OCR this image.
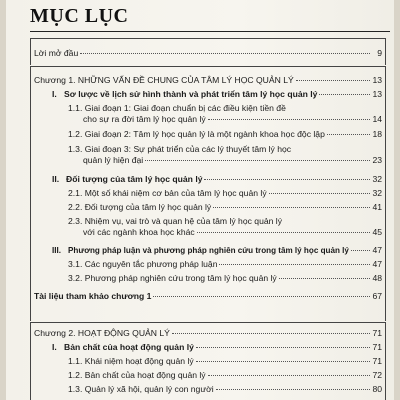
MỤC LỤC
Lời mở đầu	9
Chương 1. NHỮNG VẤN ĐỀ CHUNG CỦA TÂM LÝ HỌC QUẢN LÝ	13
I. Sơ lược về lịch sử hình thành và phát triển tâm lý học quản lý	13
1.1. Giai đoạn 1: Giai đoạn chuẩn bị các điều kiện tiền đề
cho sự ra đời tâm lý học quản lý	14
1.2. Giai đoạn 2: Tâm lý học quản lý là một ngành khoa học độc lập	18
1.3. Giai đoạn 3: Sự phát triển của các lý thuyết tâm lý học
quản lý hiện đại	23
II. Đối tượng của tâm lý học quản lý	32
2.1. Một số khái niệm cơ bản của tâm lý học quản lý	32
2.2. Đối tượng của tâm lý học quản lý	41
2.3. Nhiệm vụ, vai trò và quan hệ của tâm lý học quản lý
với các ngành khoa học khác	45
III. Phương pháp luận và phương pháp nghiên cứu trong tâm lý học quản lý	47
3.1. Các nguyên tắc phương pháp luận	47
3.2. Phương pháp nghiên cứu trong tâm lý học quản lý	48
Tài liệu tham khảo chương 1	67
Chương 2. HOẠT ĐỘNG QUẢN LÝ	71
I. Bản chất của hoạt động quản lý	71
1.1. Khái niệm hoạt động quản lý	71
1.2. Bản chất của hoạt động quản lý	72
1.3. Quản lý xã hội, quản lý con người	80
